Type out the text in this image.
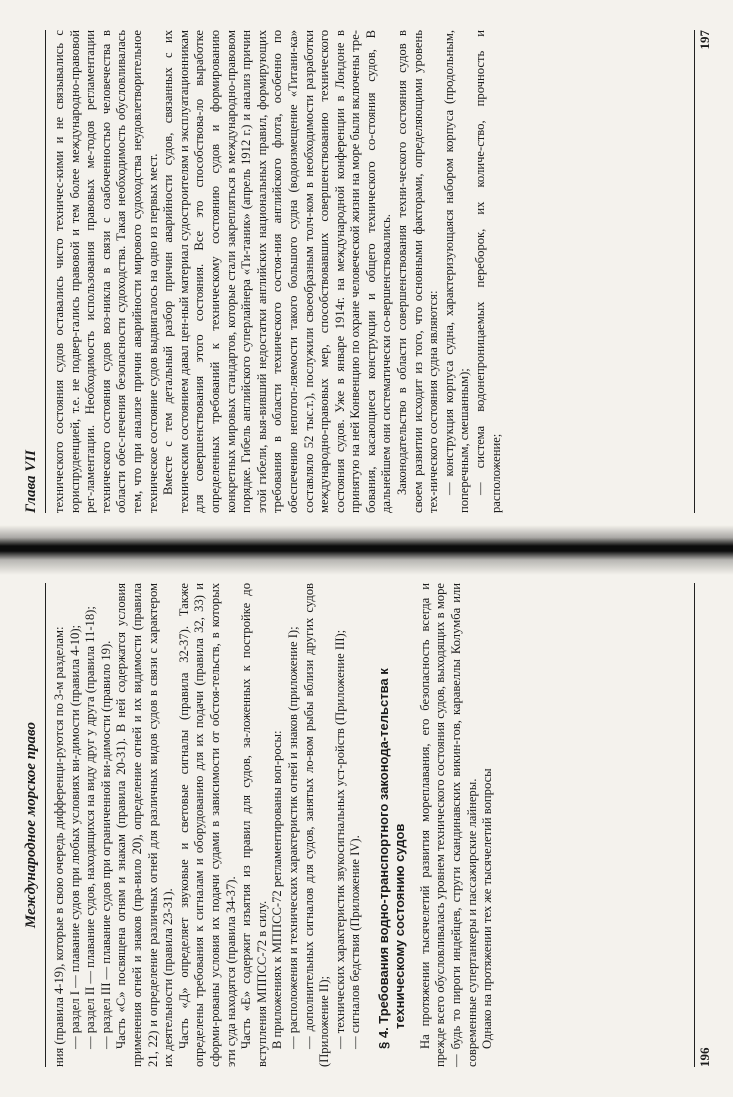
Международное морское право	ния (правила 4-19), которые в свою очередь дифференци-руются по 3-м разделам: — раздел I — плавание судов при любых условиях ви-димости (правила 4-10); — раздел II — плавание судов, находящихся на виду друг у друга (правила 11-18); — раздел III — плавание судов при ограниченной ви-димости (правило 19). Часть «С» посвящена огням и знакам (правила 20-31). В ней содержатся условия применения огней и знаков (пра-вило 20), определение огней и их видимости (правила 21, 22) и определение различных огней для различных видов судов в связи с характером их деятельности (правила 23-31). Часть «Д» определяет звуковые и световые сигналы (правила 32-37). Также определены требования к сигналам и оборудованию для их подачи (правила 32, 33) и сформи-рованы условия их подачи судами в зависимости от обстоя-тельств, в которых эти суда находятся (правила 34-37). Часть «Е» содержит изъятия из правил для судов, за-ложенных к постройке до вступления МППСС-72 в силу. В приложениях к МППСС-72 регламентированы воп-росы: — расположения и технических характеристик огней и знаков (приложение I); — дополнительных сигналов для судов, занятых ло-вом рыбы вблизи других судов (Приложение II); — технических характеристик звукосигнальных уст-ройств (Приложение III); — сигналов бедствия (Приложение IV). § 4. Требования водно-транспортного законода-тельства к техническому состоянию судов На протяжении тысячелетий развития мореплавания, его безопасность всегда и прежде всего обусловливалась уровнем технического состояния судов, выходящих в море — будь то пироги индейцев, струги скандинавских викин-гов, каравеллы Колумба или современные супертанкеры и пассажирские лайнеры. Однако на протяжении тех же тысячелетий вопросы

196
Глава VII	технического состояния судов оставались чисто техничес-кими и не связывались с юриспруденцией, т.е. не подвер-гались правовой и тем более международно-правовой рег-ламентации. Необходимость использования правовых ме-тодов регламентации технического состояния судов воз-никла в связи с озабоченностью человечества в области обес-печения безопасности судоходства. Такая необходимость обусловливалась тем, что при анализе причин аварийности мирового судоходства неудовлетворительное техническое состояние судов выдвигалось на одно из первых мест. Вместе с тем детальный разбор причин аварийности судов, связанных с их техническим состоянием давал цен-ный материал судостроителям и эксплуатационникам для совершенствования этого состояния. Все это способствова-ло выработке определенных требований к техническому состоянию судов и формированию конкретных мировых стандартов, которые стали закрепляться в международно-правовом порядке. Гибель английского суперлайнера «Ти-таник» (апрель 1912 г.) и анализ причин этой гибели, выя-вивший недостатки английских национальных правил, формирующих требования в области технического состоя-ния английского флота, особенно по обеспечению непотоп-ляемости такого большого судна (водоизмещение «Титани-ка» составляло 52 тыс.т.), послужили своеобразным толч-ком в необходимости разработки международно-правовых мер, способствовавших совершенствованию технического состояния судов. Уже в январе 1914г. на международной конференции в Лондоне в принятую на ней Конвенцию по охране человеческой жизни на море были включены тре-бования, касающиеся конструкции и общего технического со-стояния судов, В дальнейшем они систематически со-вершенствовались. Законодательство в области совершенствования техни-ческого состояния судов в своем развитии исходит из того, что основными факторами, определяющими уровень тех-нического состояния судна являются: — конструкция корпуса судна, характеризующаяся набором корпуса (продольным, поперечным, смешанным); — система водонепроницаемых переборок, их количе-ство, прочность и расположение;

197
